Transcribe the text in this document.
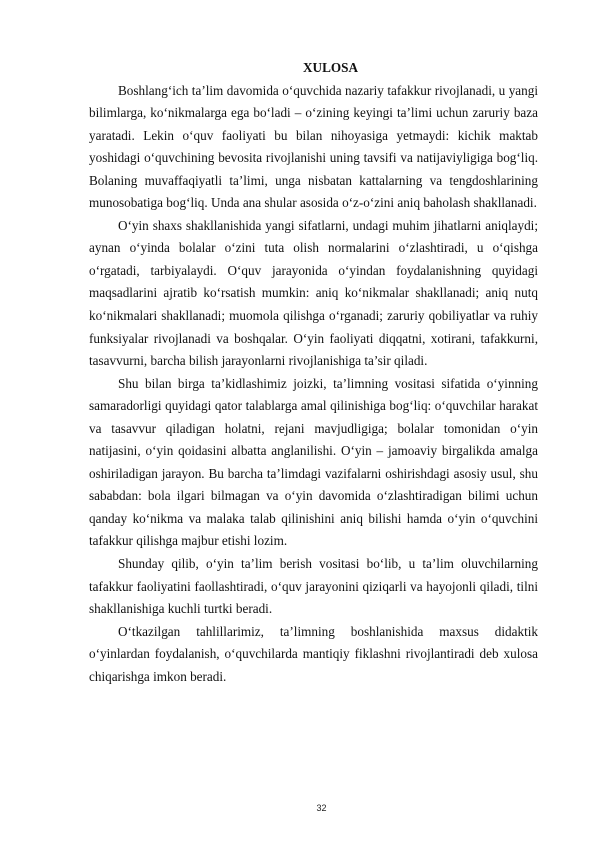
XULOSA

Boshlang‘ich ta’lim davomida o‘quvchida nazariy tafakkur rivojlanadi, u yangi bilimlarga, ko‘nikmalarga ega bo‘ladi – o‘zining keyingi ta’limi uchun zaruriy baza yaratadi. Lekin o‘quv faoliyati bu bilan nihoyasiga yetmaydi: kichik maktab yoshidagi o‘quvchining bevosita rivojlanishi uning tavsifi va natijaviyligiga bog‘liq. Bolaning muvaffaqiyatli ta’limi, unga nisbatan kattalarning va tengdoshlarining munosobatiga bog‘liq. Unda ana shular asosida o‘z-o‘zini aniq baholash shakllanadi.

O‘yin shaxs shakllanishida yangi sifatlarni, undagi muhim jihatlarni aniqlaydi; aynan o‘yinda bolalar o‘zini tuta olish normalarini o‘zlashtiradi, u o‘qishga o‘rgatadi, tarbiyalaydi. O‘quv jarayonida o‘yindan foydalanishning quyidagi maqsadlarini ajratib ko‘rsatish mumkin: aniq ko‘nikmalar shakllanadi; aniq nutq ko‘nikmalari shakllanadi; muomola qilishga o‘rganadi; zaruriy qobiliyatlar va ruhiy funksiyalar rivojlanadi va boshqalar. O‘yin faoliyati diqqatni, xotirani, tafakkurni, tasavvurni, barcha bilish jarayonlarni rivojlanishiga ta’sir qiladi.

Shu bilan birga ta’kidlashimiz joizki, ta’limning vositasi sifatida o‘yinning samaradorligi quyidagi qator talablarga amal qilinishiga bog‘liq: o‘quvchilar harakat va tasavvur qiladigan holatni, rejani mavjudligiga; bolalar tomonidan o‘yin natijasini, o‘yin qoidasini albatta anglanilishi. O‘yin – jamoaviy birgalikda amalga oshiriladigan jarayon. Bu barcha ta’limdagi vazifalarni oshirishdagi asosiy usul, shu sababdan: bola ilgari bilmagan va o‘yin davomida o‘zlashtiradigan bilimi uchun qanday ko‘nikma va malaka talab qilinishini aniq bilishi hamda o‘yin o‘quvchini tafakkur qilishga majbur etishi lozim.

Shunday qilib, o‘yin ta’lim berish vositasi bo‘lib, u ta’lim oluvchilarning tafakkur faoliyatini faollashtiradi, o‘quv jarayonini qiziqarli va hayojonli qiladi, tilni shakllanishiga kuchli turtki beradi.

O‘tkazilgan tahlillarimiz, ta’limning boshlanishida maxsus didaktik o‘yinlardan foydalanish, o‘quvchilarda mantiqiy fiklashni rivojlantiradi deb xulosa chiqarishga imkon beradi.

32
